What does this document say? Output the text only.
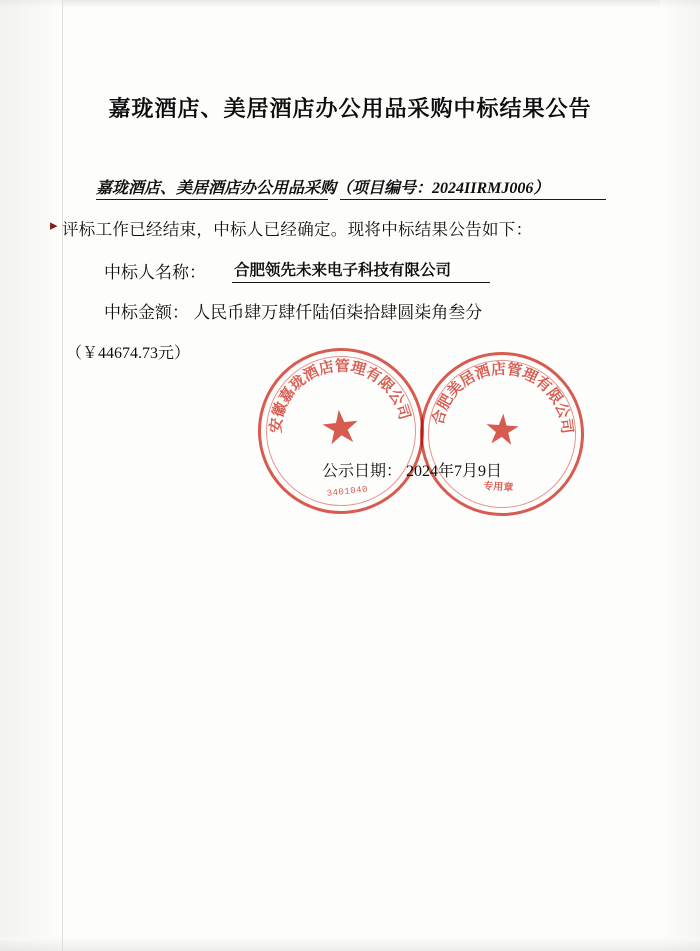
嘉珑酒店、美居酒店办公用品采购中标结果公告
嘉珑酒店、美居酒店办公用品采购（项目编号：2024IIRMJ006）
▸ 评标工作已经结束，中标人已经确定。现将中标结果公告如下：
中标人名称： 合肥领先未来电子科技有限公司
中标金额： 人民币肆万肆仟陆佰柒拾肆圆柒角叁分
（￥44674.73元）
公示日期： 2024年7月9日
安徽嘉珑酒店管理有限公司
★
3401040
合肥美居酒店管理有限公司
★
专用章
